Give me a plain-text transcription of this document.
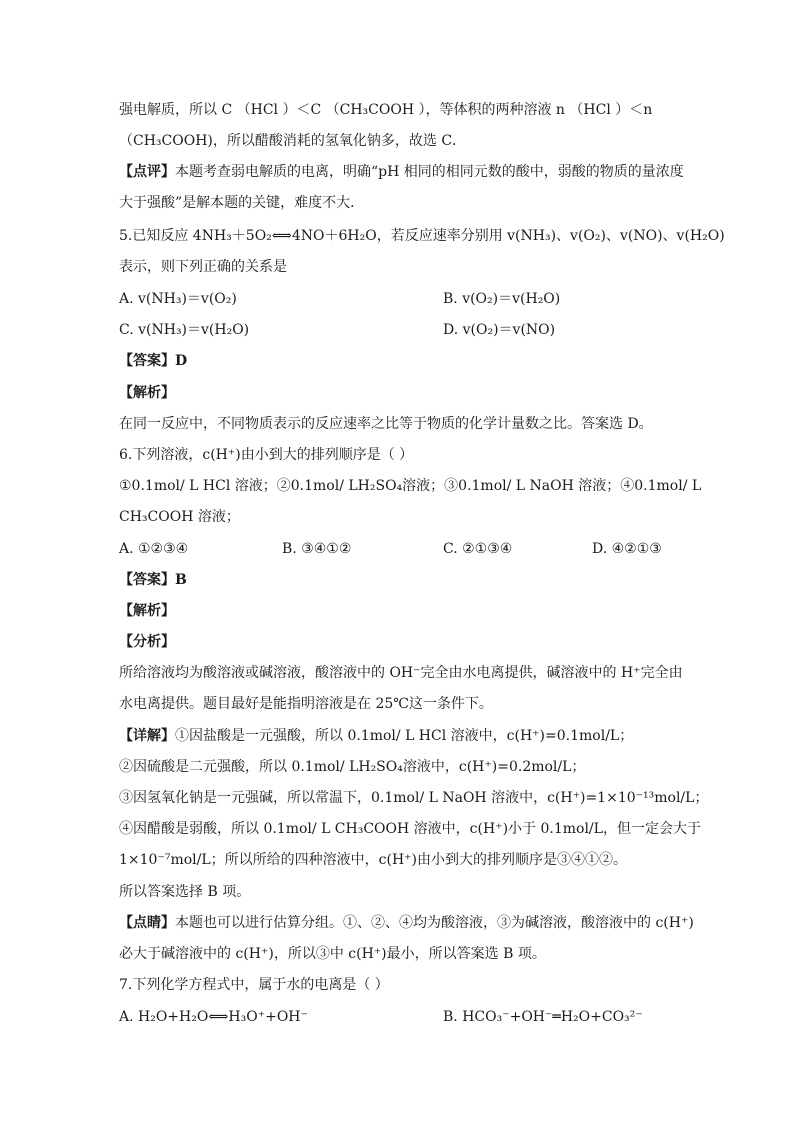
强电解质，所以 C （HCl ）＜C （CH₃COOH ），等体积的两种溶液 n （HCl ）＜n
（CH₃COOH)，所以醋酸消耗的氢氧化钠多，故选 C．
【点评】本题考查弱电解质的电离，明确“pH 相同的相同元数的酸中，弱酸的物质的量浓度
大于强酸”是解本题的关键，难度不大．
5.已知反应 4NH₃＋5O₂⟺4NO＋6H₂O，若反应速率分别用 v(NH₃)、v(O₂)、v(NO)、v(H₂O)
表示，则下列正确的关系是
A. v(NH₃)＝v(O₂)	B. v(O₂)＝v(H₂O)
C. v(NH₃)＝v(H₂O)	D. v(O₂)＝v(NO)
【答案】D
【解析】
在同一反应中，不同物质表示的反应速率之比等于物质的化学计量数之比。答案选 D。
6.下列溶液，c(H⁺)由小到大的排列顺序是（ ）
①0.1mol/ L HCl 溶液；②0.1mol/ LH₂SO₄溶液；③0.1mol/ L NaOH 溶液；④0.1mol/ L
CH₃COOH 溶液；
A. ①②③④	B. ③④①②	C. ②①③④	D. ④②①③
【答案】B
【解析】
【分析】
所给溶液均为酸溶液或碱溶液，酸溶液中的 OH⁻完全由水电离提供，碱溶液中的 H⁺完全由
水电离提供。题目最好是能指明溶液是在 25℃这一条件下。
【详解】①因盐酸是一元强酸，所以 0.1mol/ L HCl 溶液中，c(H⁺)=0.1mol/L；
②因硫酸是二元强酸，所以 0.1mol/ LH₂SO₄溶液中，c(H⁺)=0.2mol/L；
③因氢氧化钠是一元强碱，所以常温下，0.1mol/ L NaOH 溶液中，c(H⁺)=1×10⁻¹³mol/L；
④因醋酸是弱酸，所以 0.1mol/ L CH₃COOH 溶液中，c(H⁺)小于 0.1mol/L，但一定会大于
1×10⁻⁷mol/L；所以所给的四种溶液中，c(H⁺)由小到大的排列顺序是③④①②。
所以答案选择 B 项。
【点睛】本题也可以进行估算分组。①、②、④均为酸溶液，③为碱溶液，酸溶液中的 c(H⁺)
必大于碱溶液中的 c(H⁺)，所以③中 c(H⁺)最小，所以答案选 B 项。
7.下列化学方程式中，属于水的电离是（ ）
A. H₂O+H₂O⟺H₃O⁺+OH⁻	B. HCO₃⁻+OH⁻═H₂O+CO₃²⁻
